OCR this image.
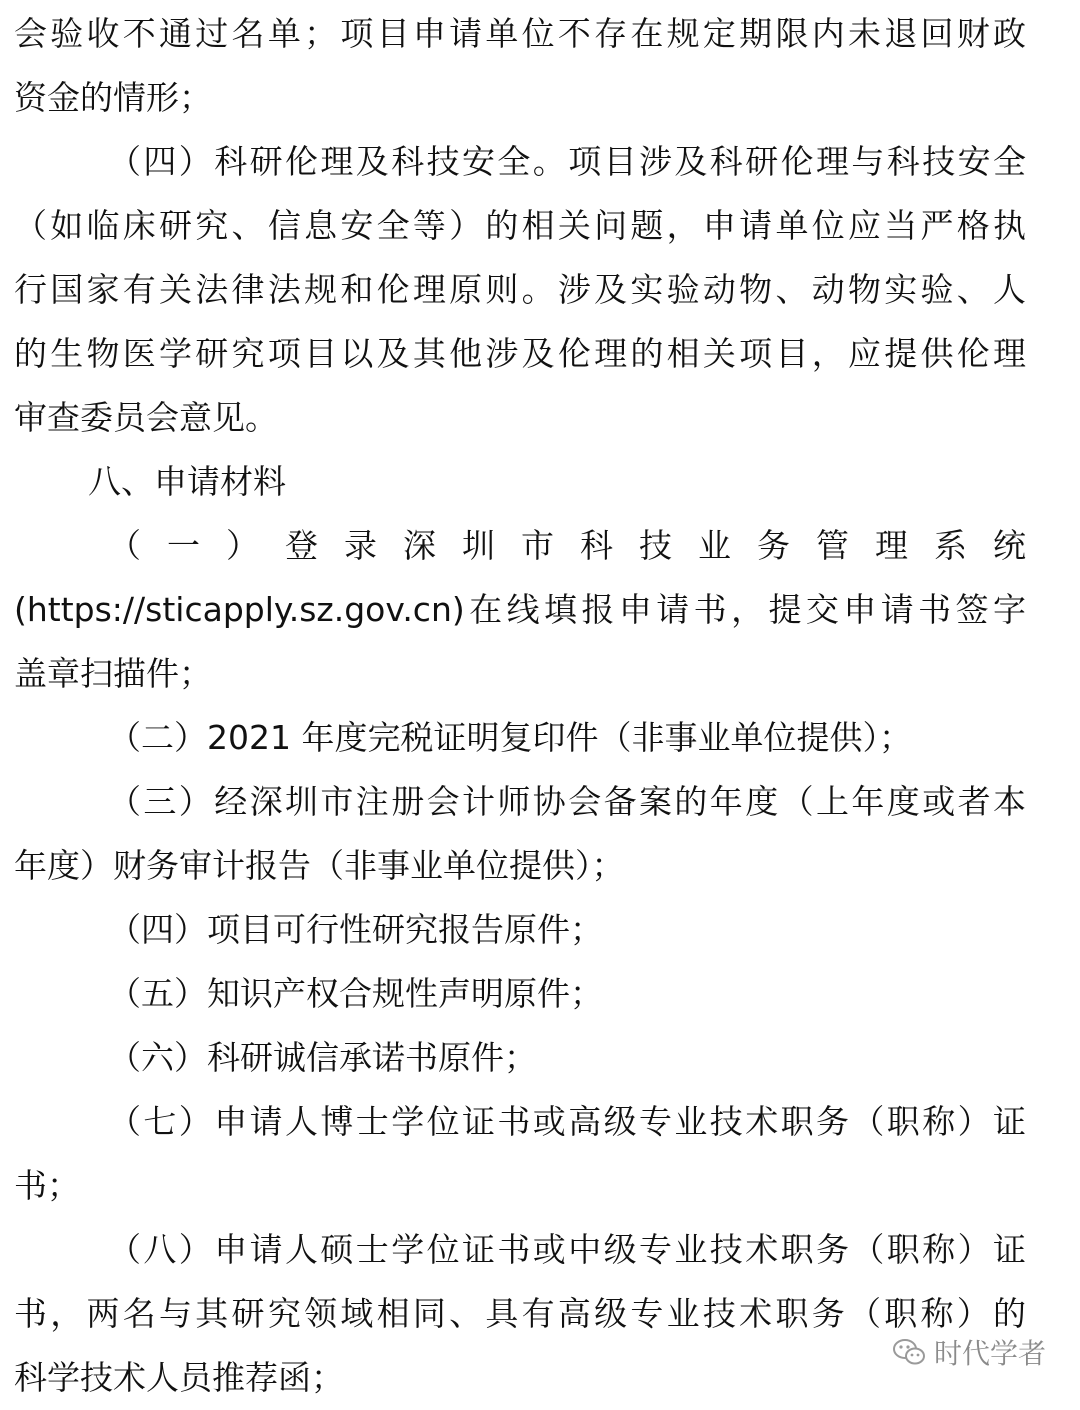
会验收不通过名单；项目申请单位不存在规定期限内未退回财政
资金的情形；
（四）科研伦理及科技安全。项目涉及科研伦理与科技安全
（如临床研究、信息安全等）的相关问题，申请单位应当严格执
行国家有关法律法规和伦理原则。涉及实验动物、动物实验、人
的生物医学研究项目以及其他涉及伦理的相关项目，应提供伦理
审查委员会意见。
八、申请材料
（一）登录深圳市科技业务管理系统
(https://sticapply.sz.gov.cn)在线填报申请书，提交申请书签字
盖章扫描件；
（二）2021 年度完税证明复印件（非事业单位提供）；
（三）经深圳市注册会计师协会备案的年度（上年度或者本
年度）财务审计报告（非事业单位提供）；
（四）项目可行性研究报告原件；
（五）知识产权合规性声明原件；
（六）科研诚信承诺书原件；
（七）申请人博士学位证书或高级专业技术职务（职称）证
书；
（八）申请人硕士学位证书或中级专业技术职务（职称）证
书，两名与其研究领域相同、具有高级专业技术职务（职称）的
科学技术人员推荐函；
时代学者
